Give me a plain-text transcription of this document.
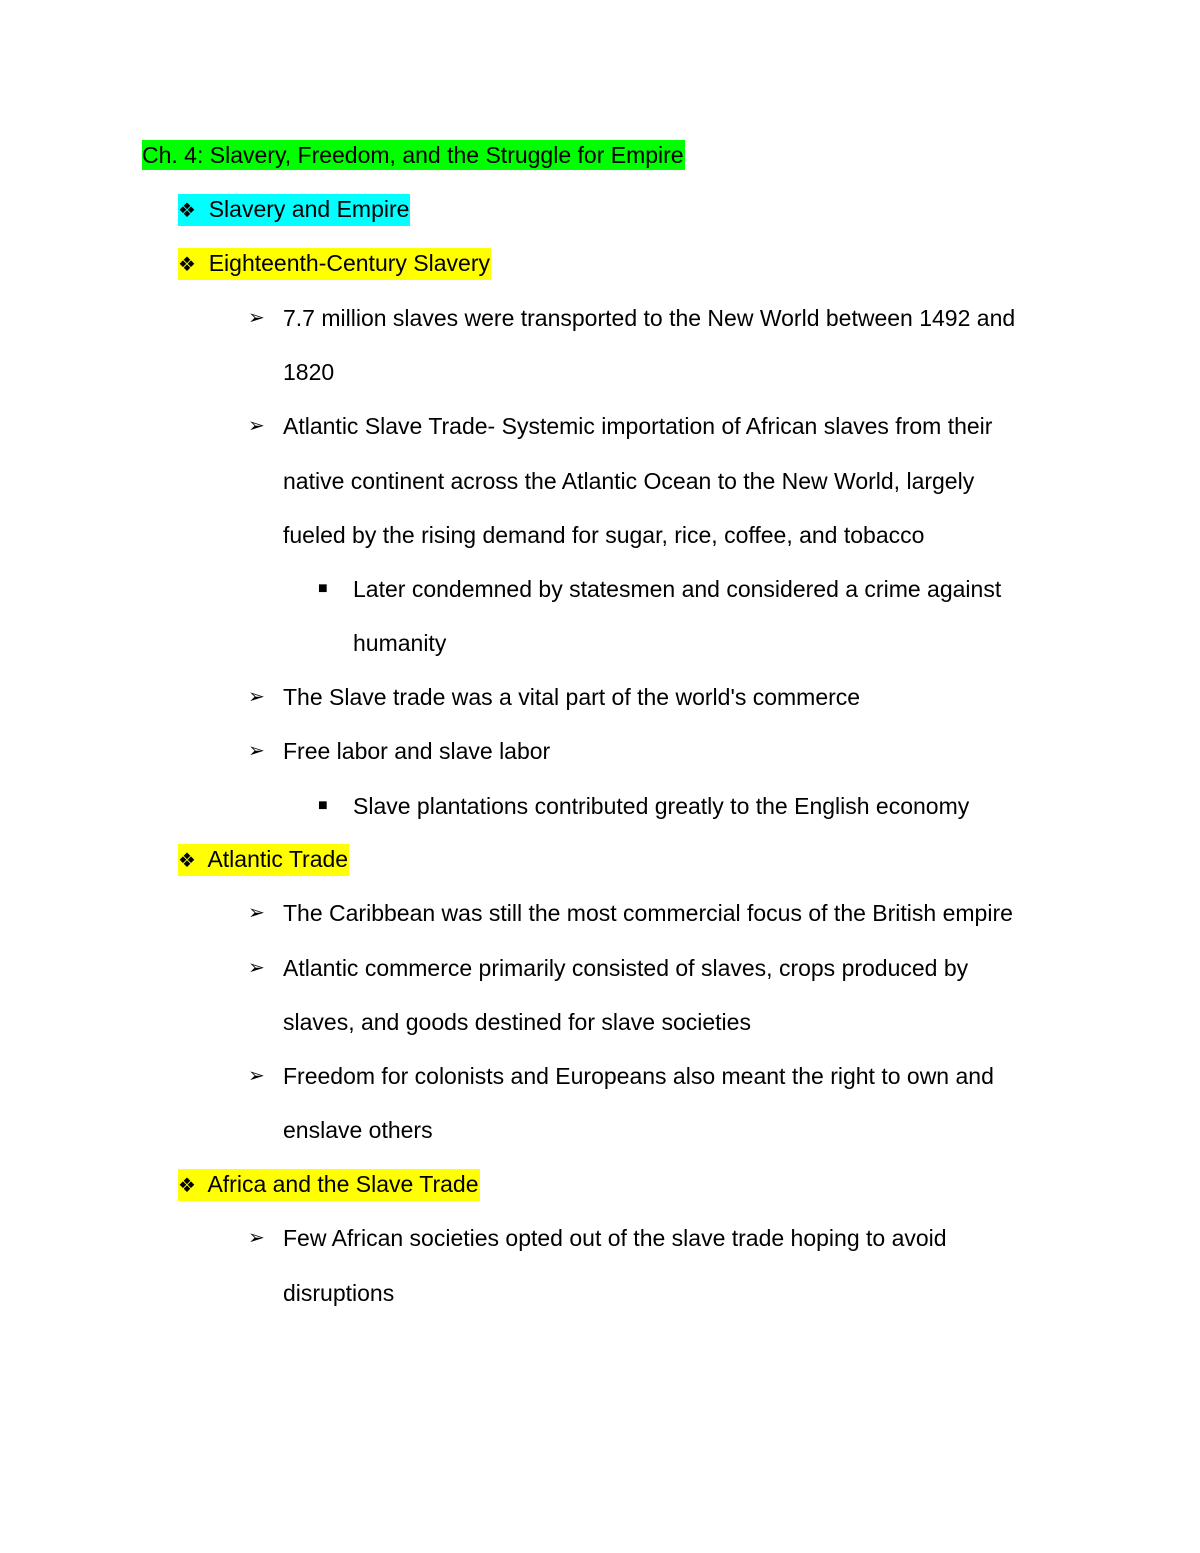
Ch. 4: Slavery, Freedom, and the Struggle for Empire
❖ Slavery and Empire
❖ Eighteenth-Century Slavery
➢ 7.7 million slaves were transported to the New World between 1492 and
1820
➢ Atlantic Slave Trade- Systemic importation of African slaves from their
native continent across the Atlantic Ocean to the New World, largely
fueled by the rising demand for sugar, rice, coffee, and tobacco
■ Later condemned by statesmen and considered a crime against
humanity
➢ The Slave trade was a vital part of the world's commerce
➢ Free labor and slave labor
■ Slave plantations contributed greatly to the English economy
❖ Atlantic Trade
➢ The Caribbean was still the most commercial focus of the British empire
➢ Atlantic commerce primarily consisted of slaves, crops produced by
slaves, and goods destined for slave societies
➢ Freedom for colonists and Europeans also meant the right to own and
enslave others
❖ Africa and the Slave Trade
➢ Few African societies opted out of the slave trade hoping to avoid
disruptions
